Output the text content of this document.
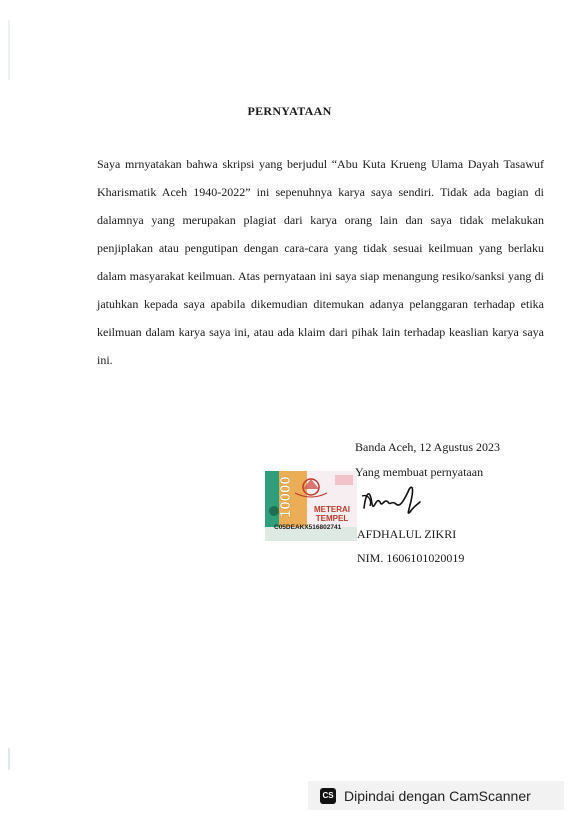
PERNYATAAN
Saya mrnyatakan bahwa skripsi yang berjudul “Abu Kuta Krueng Ulama Dayah Tasawuf Kharismatik Aceh 1940-2022” ini sepenuhnya karya saya sendiri. Tidak ada bagian di dalamnya yang merupakan plagiat dari karya orang lain dan saya tidak melakukan penjiplakan atau pengutipan dengan cara-cara yang tidak sesuai keilmuan yang berlaku dalam masyarakat keilmuan. Atas pernyataan ini saya siap menangung resiko/sanksi yang di jatuhkan kepada saya apabila dikemudian ditemukan adanya pelanggaran terhadap etika keilmuan dalam karya saya ini, atau ada klaim dari pihak lain terhadap keaslian karya saya ini.
10000	METERAI
TEMPEL
C05DEAKX516802741
Banda Aceh, 12 Agustus 2023
Yang membuat pernyataan
AFDHALUL ZIKRI
NIM. 1606101020019
CS Dipindai dengan CamScanner
